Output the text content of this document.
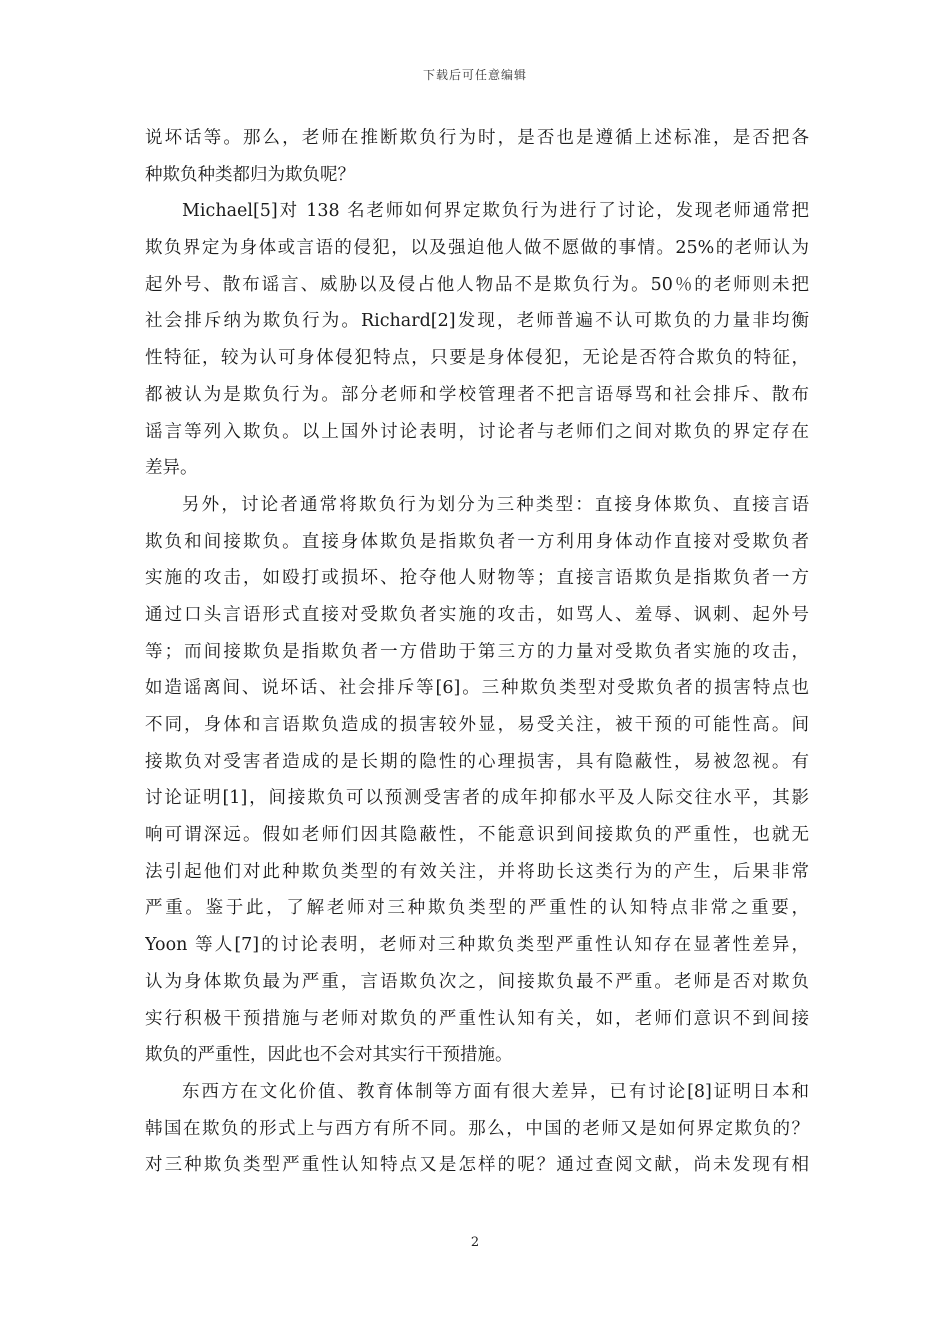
下载后可任意编辑
说坏话等。那么，老师在推断欺负行为时，是否也是遵循上述标准，是否把各
种欺负种类都归为欺负呢？
Michael[5]对 138 名老师如何界定欺负行为进行了讨论，发现老师通常把
欺负界定为身体或言语的侵犯，以及强迫他人做不愿做的事情。25%的老师认为
起外号、散布谣言、威胁以及侵占他人物品不是欺负行为。50％的老师则未把
社会排斥纳为欺负行为。Richard[2]发现，老师普遍不认可欺负的力量非均衡
性特征，较为认可身体侵犯特点，只要是身体侵犯，无论是否符合欺负的特征，
都被认为是欺负行为。部分老师和学校管理者不把言语辱骂和社会排斥、散布
谣言等列入欺负。以上国外讨论表明，讨论者与老师们之间对欺负的界定存在
差异。
另外，讨论者通常将欺负行为划分为三种类型：直接身体欺负、直接言语
欺负和间接欺负。直接身体欺负是指欺负者一方利用身体动作直接对受欺负者
实施的攻击，如殴打或损坏、抢夺他人财物等；直接言语欺负是指欺负者一方
通过口头言语形式直接对受欺负者实施的攻击，如骂人、羞辱、讽刺、起外号
等；而间接欺负是指欺负者一方借助于第三方的力量对受欺负者实施的攻击，
如造谣离间、说坏话、社会排斥等[6]。三种欺负类型对受欺负者的损害特点也
不同，身体和言语欺负造成的损害较外显，易受关注，被干预的可能性高。间
接欺负对受害者造成的是长期的隐性的心理损害，具有隐蔽性，易被忽视。有
讨论证明[1]，间接欺负可以预测受害者的成年抑郁水平及人际交往水平，其影
响可谓深远。假如老师们因其隐蔽性，不能意识到间接欺负的严重性，也就无
法引起他们对此种欺负类型的有效关注，并将助长这类行为的产生，后果非常
严重。鉴于此，了解老师对三种欺负类型的严重性的认知特点非常之重要，
Yoon 等人[7]的讨论表明，老师对三种欺负类型严重性认知存在显著性差异，
认为身体欺负最为严重，言语欺负次之，间接欺负最不严重。老师是否对欺负
实行积极干预措施与老师对欺负的严重性认知有关，如，老师们意识不到间接
欺负的严重性，因此也不会对其实行干预措施。
东西方在文化价值、教育体制等方面有很大差异，已有讨论[8]证明日本和
韩国在欺负的形式上与西方有所不同。那么，中国的老师又是如何界定欺负的？
对三种欺负类型严重性认知特点又是怎样的呢？通过查阅文献，尚未发现有相
2
